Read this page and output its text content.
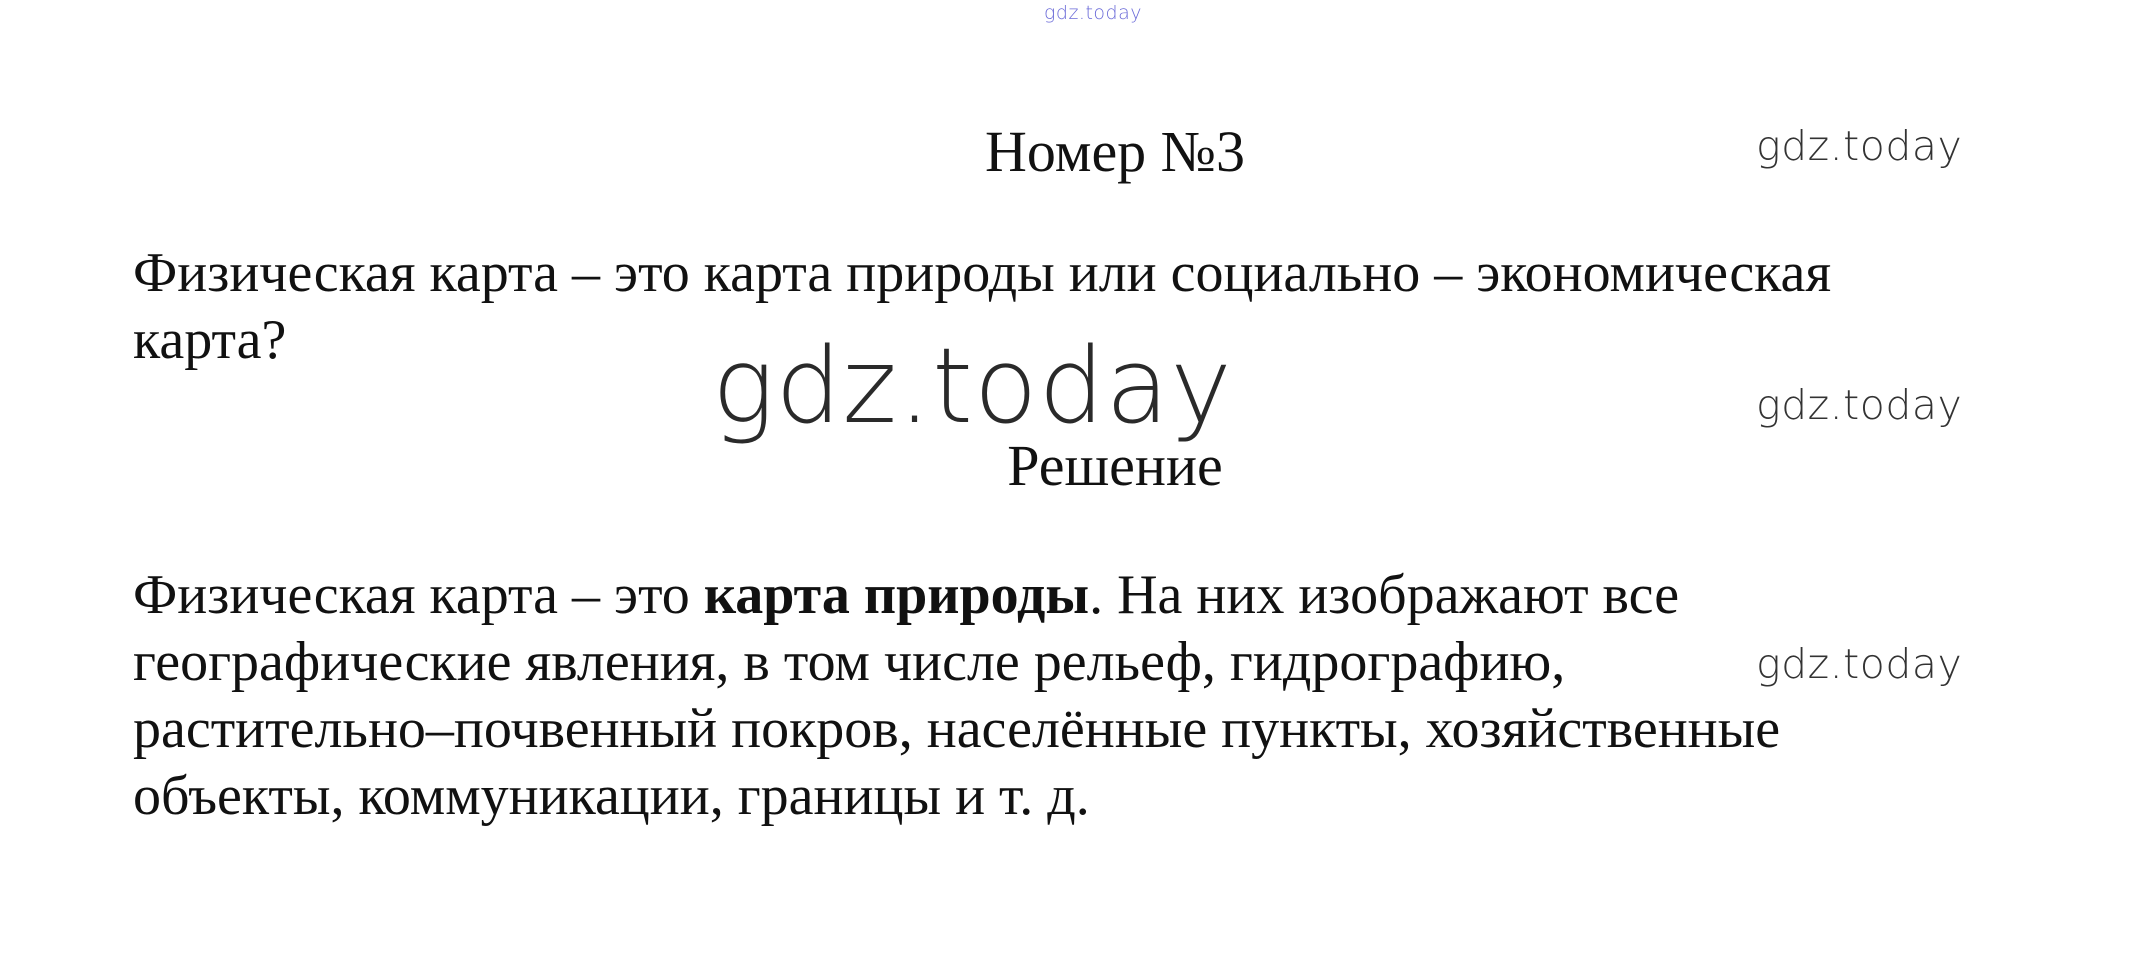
gdz.today
Номер №3	gdz.today

Физическая карта – это карта природы или социально – экономическая
карта?	gdz.today	gdz.today
Решение

Физическая карта – это карта природы. На них изображают все
географические явления, в том числе рельеф, гидрографию,
растительно–почвенный покров, населённые пункты, хозяйственные
объекты, коммуникации, границы и т. д.

gdz.today
